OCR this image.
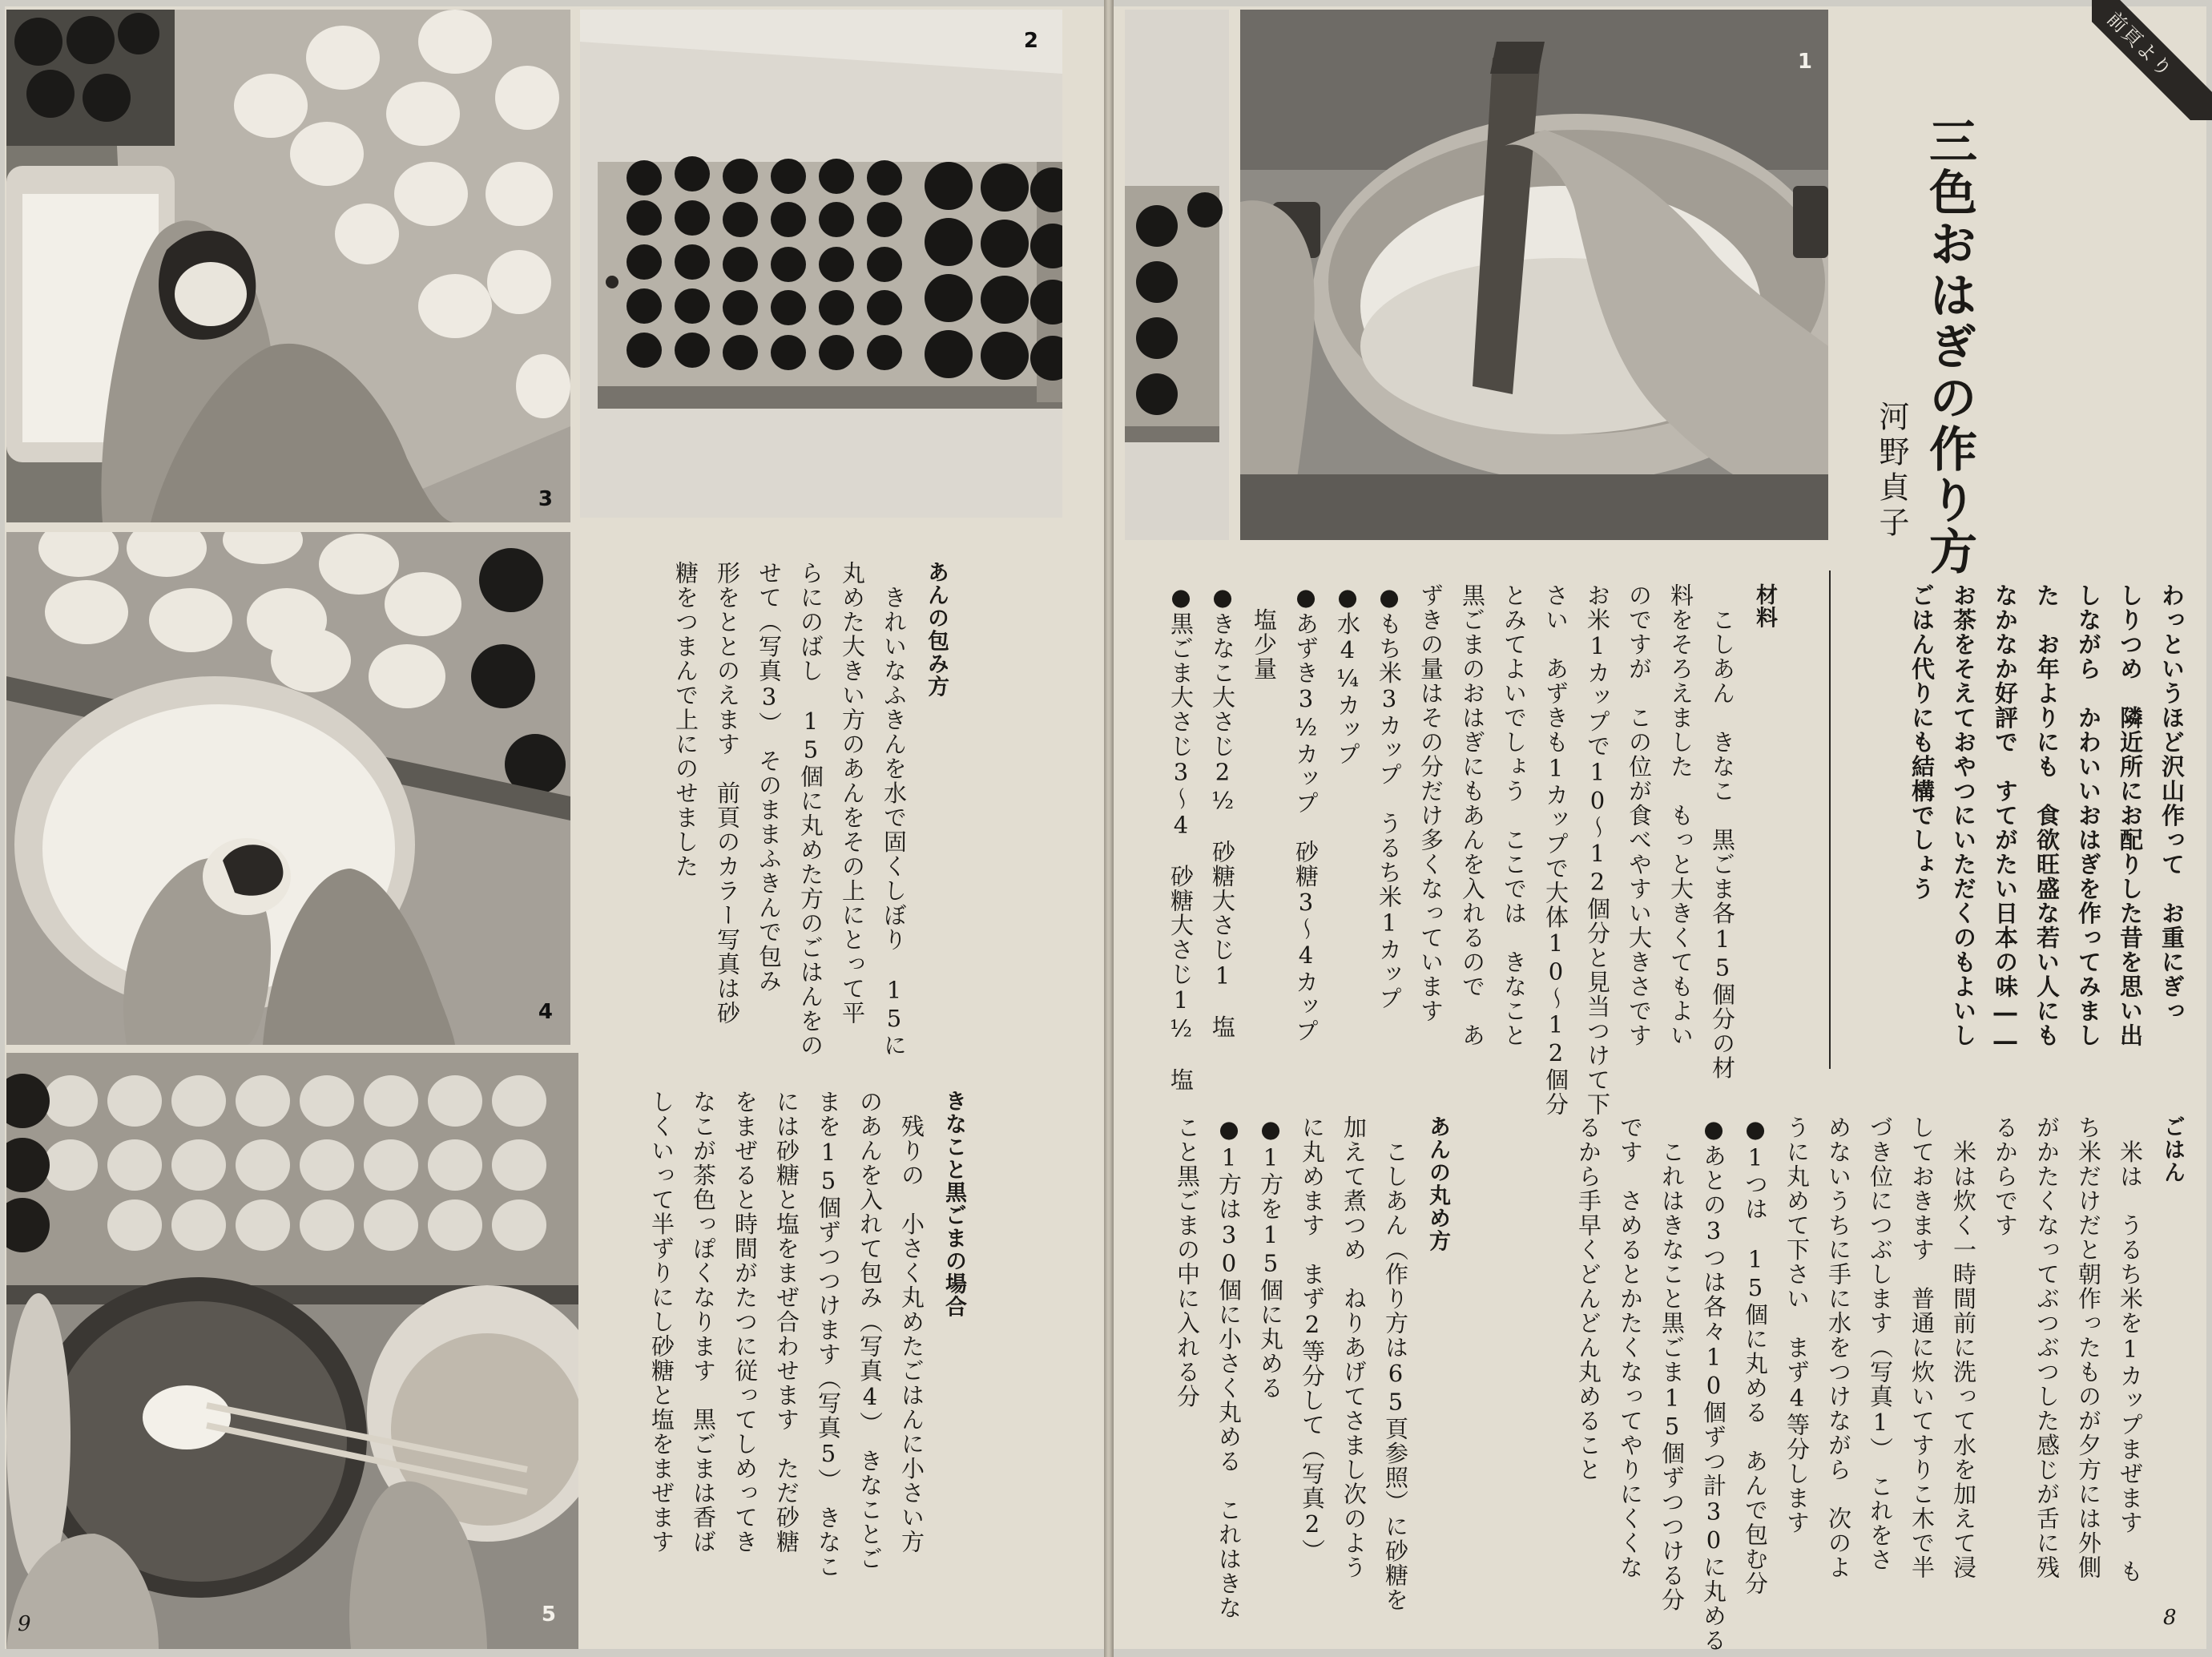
3
4
5
2
1	前頁より
三色おはぎの作り方
河野貞子

わっというほど沢山作って　お重にぎっ

しりつめ　隣近所にお配りした昔を思い出

しながら　かわいいおはぎを作ってみまし

た　お年よりにも　食欲旺盛な若い人にも

なかなか好評で　すてがたい日本の味――

お茶をそえておやつにいただくのもよいし

ごはん代りにも結構でしょう

材料

　こしあん　きなこ　黒ごま各15個分の材

料をそろえました　もっと大きくてもよい

のですが　この位が食べやすい大きさです

お米1カップで10～12個分と見当つけて下

さい　あずきも1カップで大体10～12個分

とみてよいでしょう　ここでは　きなこと

黒ごまのおはぎにもあんを入れるので　あ

ずきの量はその分だけ多くなっています

●もち米3カップ　うるち米1カップ

●水4¼カップ

●あずき3½カップ　砂糖3～4カップ

　塩少量

●きなこ大さじ2½　砂糖大さじ1　塩

●黒ごま大さじ3～4　砂糖大さじ1½　塩

ごはん

　米は　うるち米を1カップまぜます　も

ち米だけだと朝作ったものが夕方には外側

がかたくなってぶつぶつした感じが舌に残

るからです

　米は炊く一時間前に洗って水を加えて浸

しておきます　普通に炊いてすりこ木で半

づき位につぶします（写真1）　これをさ

めないうちに手に水をつけながら　次のよ

うに丸めて下さい　まず4等分します

●1つは　15個に丸める　あんで包む分

●あとの3つは各々10個ずつ計30に丸める

　これはきなこと黒ごま15個ずつつける分

です　さめるとかたくなってやりにくくな

るから手早くどんどん丸めること

あんの丸め方

　こしあん（作り方は65頁参照）に砂糖を

加えて煮つめ　ねりあげてさまし次のよう

に丸めます　まず2等分して（写真2）

●1方を15個に丸める

●1方は30個に小さく丸める　これはきな

こと黒ごまの中に入れる分

あんの包み方

　きれいなふきんを水で固くしぼり　15に

丸めた大きい方のあんをその上にとって平

らにのばし　15個に丸めた方のごはんをの

せて（写真3）　そのままふきんで包み

形をととのえます　前頁のカラー写真は砂

糖をつまんで上にのせました

きなこと黒ごまの場合

　残りの　小さく丸めたごはんに小さい方

のあんを入れて包み（写真4）　きなことご

まを15個ずつつけます（写真5）　きなこ

には砂糖と塩をまぜ合わせます　ただ砂糖

をまぜると時間がたつに従ってしめってき

なこが茶色っぽくなります　黒ごまは香ば

しくいって半ずりにし砂糖と塩をまぜます

9	8
